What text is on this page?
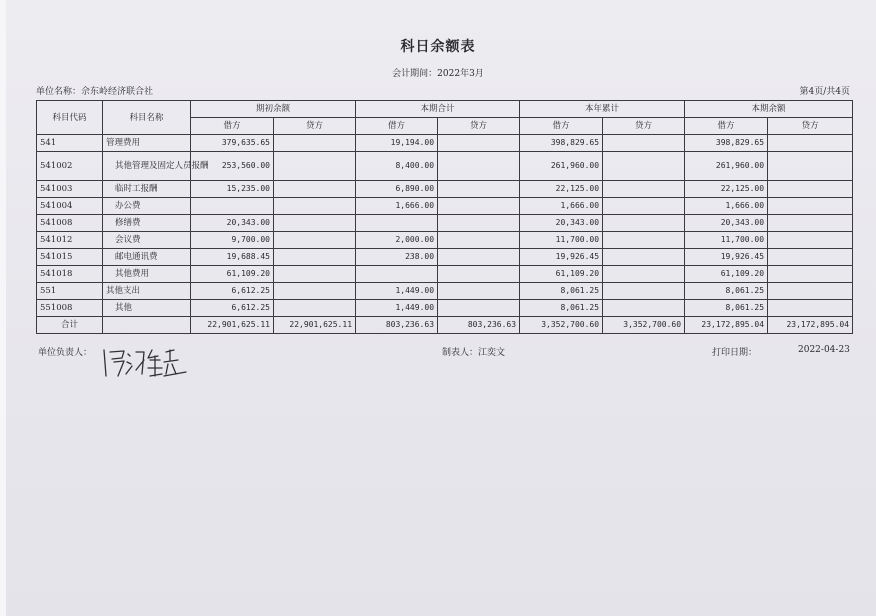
科日余额表
会计期间：2022年3月
单位名称：佘东岭经济联合社	第4页/共4页
科目代码	科目名称	期初余额		本期合计		本年累计		本期余额	
		借方	贷方	借方	贷方	借方	贷方	借方	贷方
541	管理费用	379,635.65		19,194.00		398,829.65		398,829.65	
541002	其他管理及固定人员报酬	253,560.00		8,400.00		261,960.00		261,960.00	
541003	临时工报酬	15,235.00		6,890.00		22,125.00		22,125.00	
541004	办公费			1,666.00		1,666.00		1,666.00	
541008	修缮费	20,343.00				20,343.00		20,343.00	
541012	会议费	9,700.00		2,000.00		11,700.00		11,700.00	
541015	邮电通讯费	19,688.45		238.00		19,926.45		19,926.45	
541018	其他费用	61,109.20				61,109.20		61,109.20	
551	其他支出	6,612.25		1,449.00		8,061.25		8,061.25	
551008	其他	6,612.25		1,449.00		8,061.25		8,061.25	
合计		22,901,625.11	22,901,625.11	803,236.63	803,236.63	3,352,700.60	3,352,700.60	23,172,895.04	23,172,895.04
单位负责人：	制表人：江奕文	打印日期：	2022-04-23
